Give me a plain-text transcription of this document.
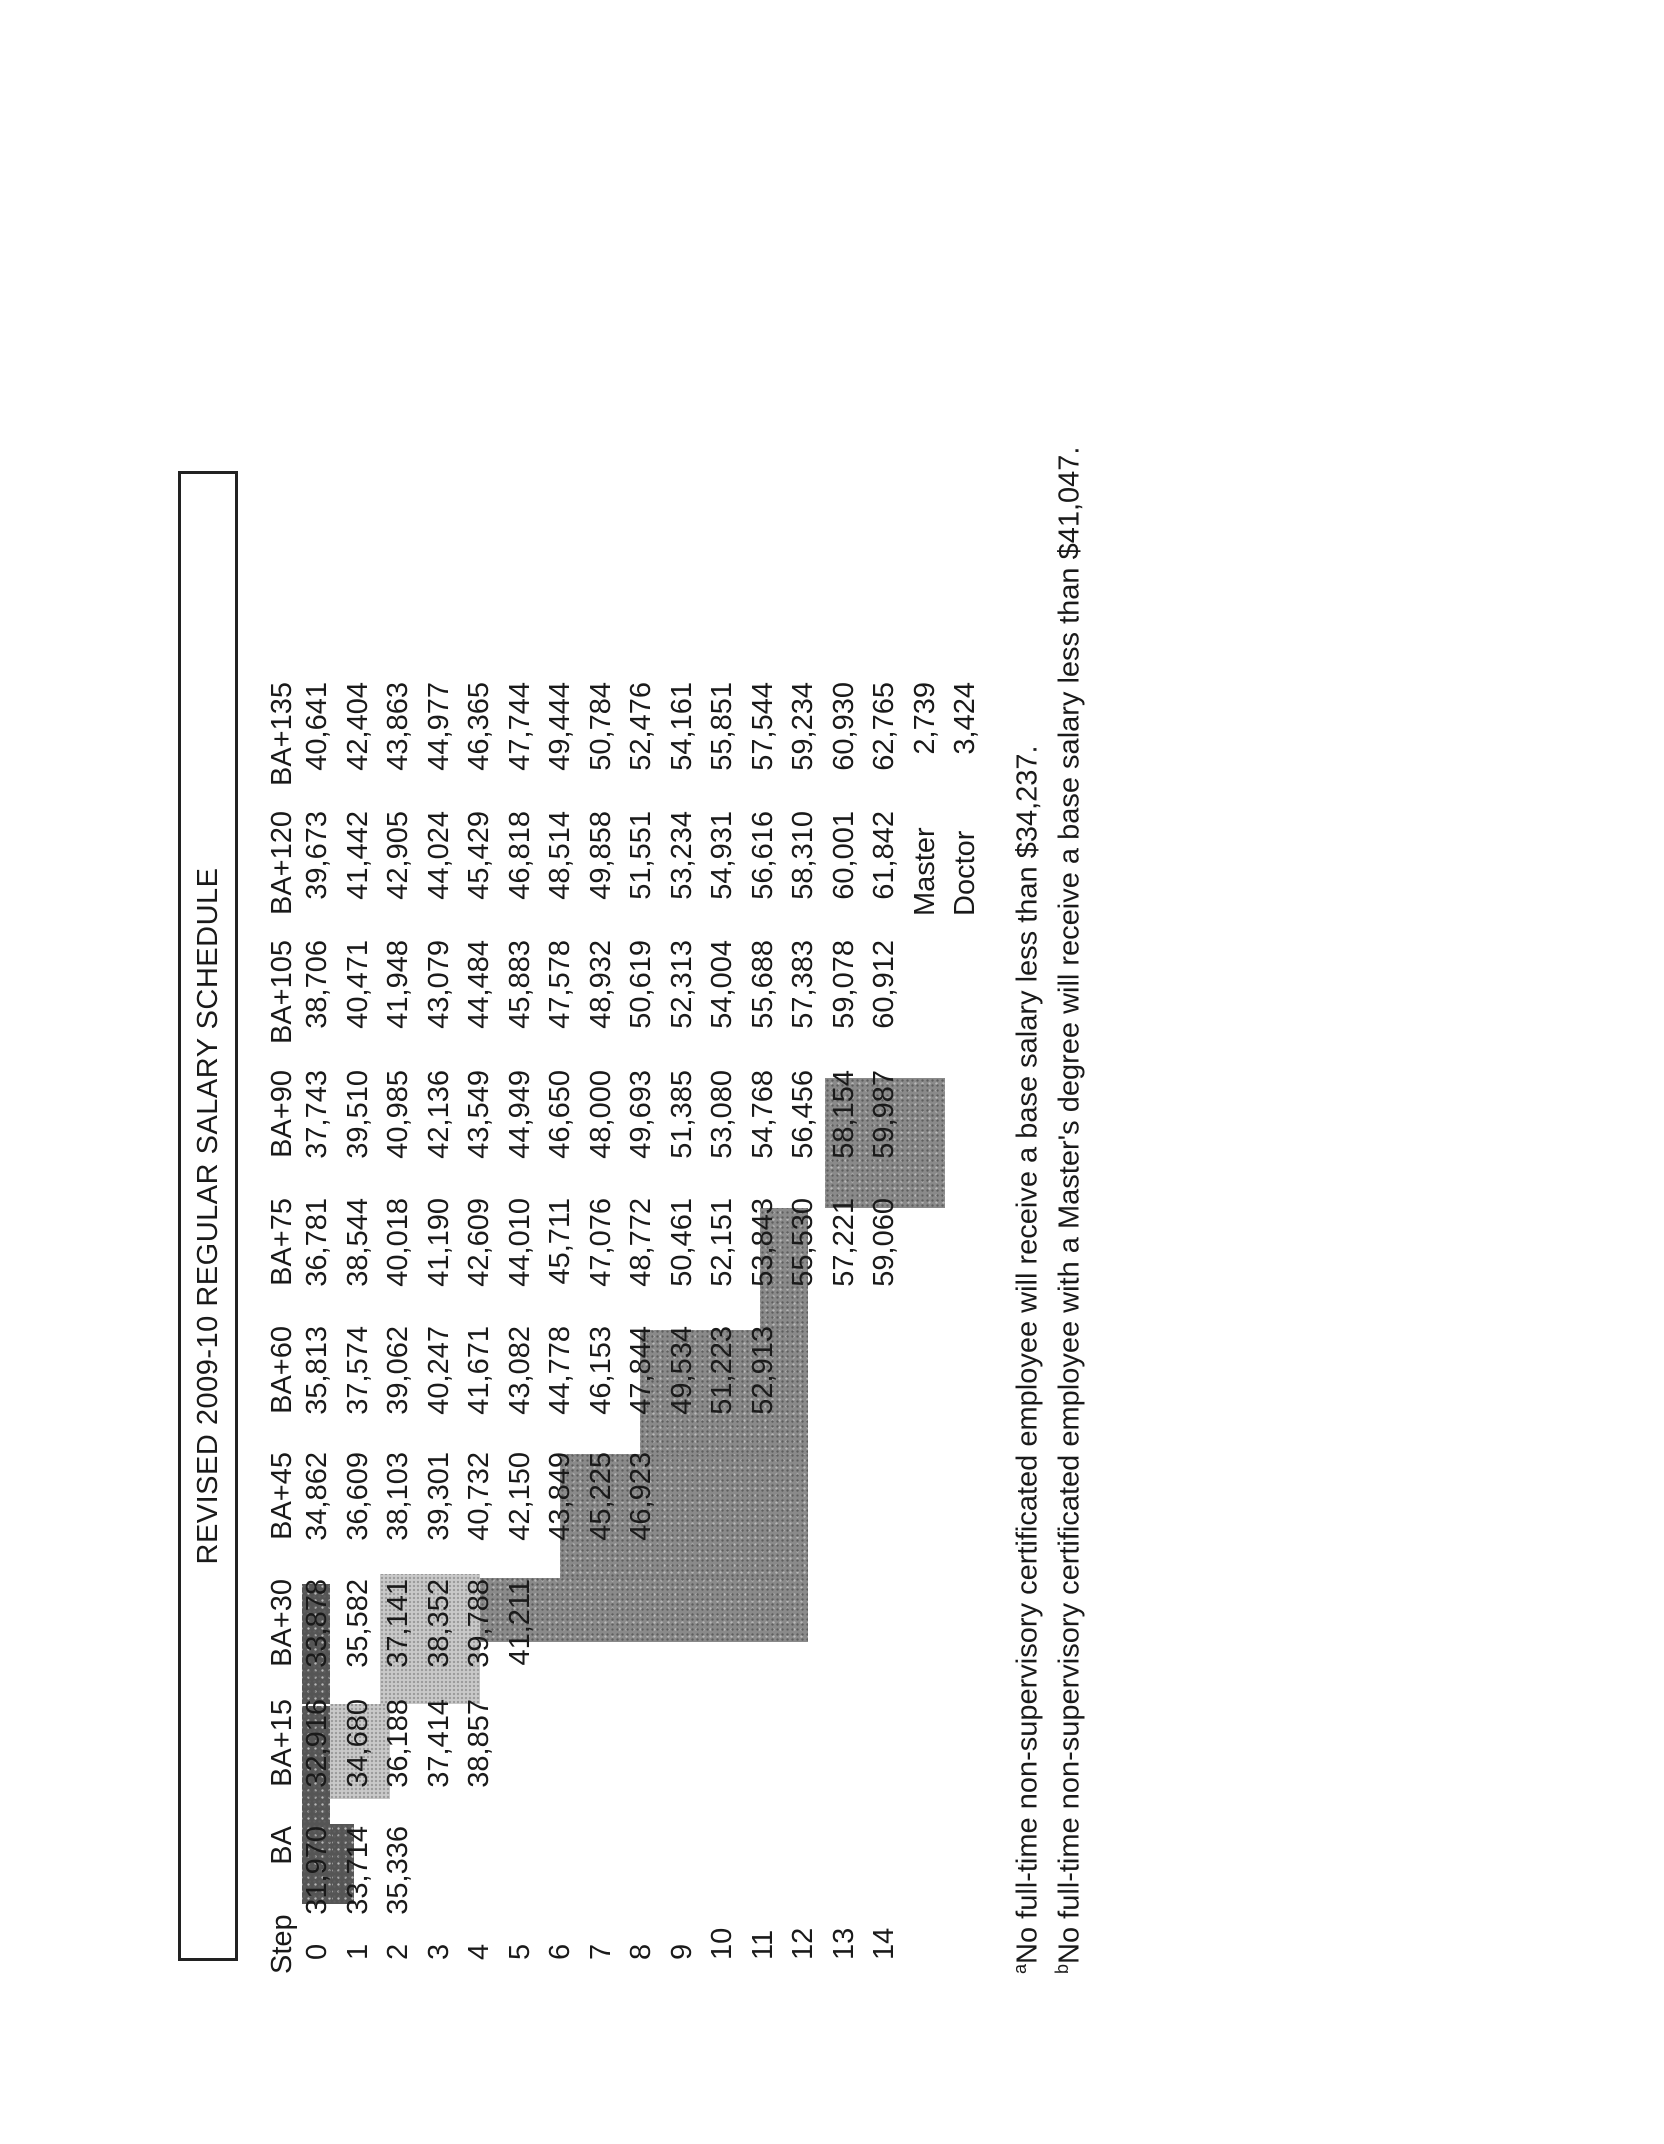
REVISED 2009-10 REGULAR SALARY SCHEDULE
Step
BA
BA+15
BA+30
BA+45
BA+60
BA+75
BA+90
BA+105
BA+120
BA+135
0
31,970
32,916
33,878
34,862
35,813
36,781
37,743
38,706
39,673
40,641
1
33,714
34,680
35,582
36,609
37,574
38,544
39,510
40,471
41,442
42,404
2
35,336
36,188
37,141
38,103
39,062
40,018
40,985
41,948
42,905
43,863
3
37,414
38,352
39,301
40,247
41,190
42,136
43,079
44,024
44,977
4
38,857
39,788
40,732
41,671
42,609
43,549
44,484
45,429
46,365
5
41,211
42,150
43,082
44,010
44,949
45,883
46,818
47,744
6
43,849
44,778
45,711
46,650
47,578
48,514
49,444
7
45,225
46,153
47,076
48,000
48,932
49,858
50,784
8
46,923
47,844
48,772
49,693
50,619
51,551
52,476
9
49,534
50,461
51,385
52,313
53,234
54,161
10
51,223
52,151
53,080
54,004
54,931
55,851
11
52,913
53,843
54,768
55,688
56,616
57,544
12
55,530
56,456
57,383
58,310
59,234
13
57,221
58,154
59,078
60,001
60,930
14
59,060
59,987
60,912
61,842
62,765
Master
2,739
Doctor
3,424
$^a$No full-time non-supervisory certificated employee will receive a base salary less than $34,237.
$^b$No full-time non-supervisory certificated employee with a Master's degree will receive a base salary less than $41,047.
